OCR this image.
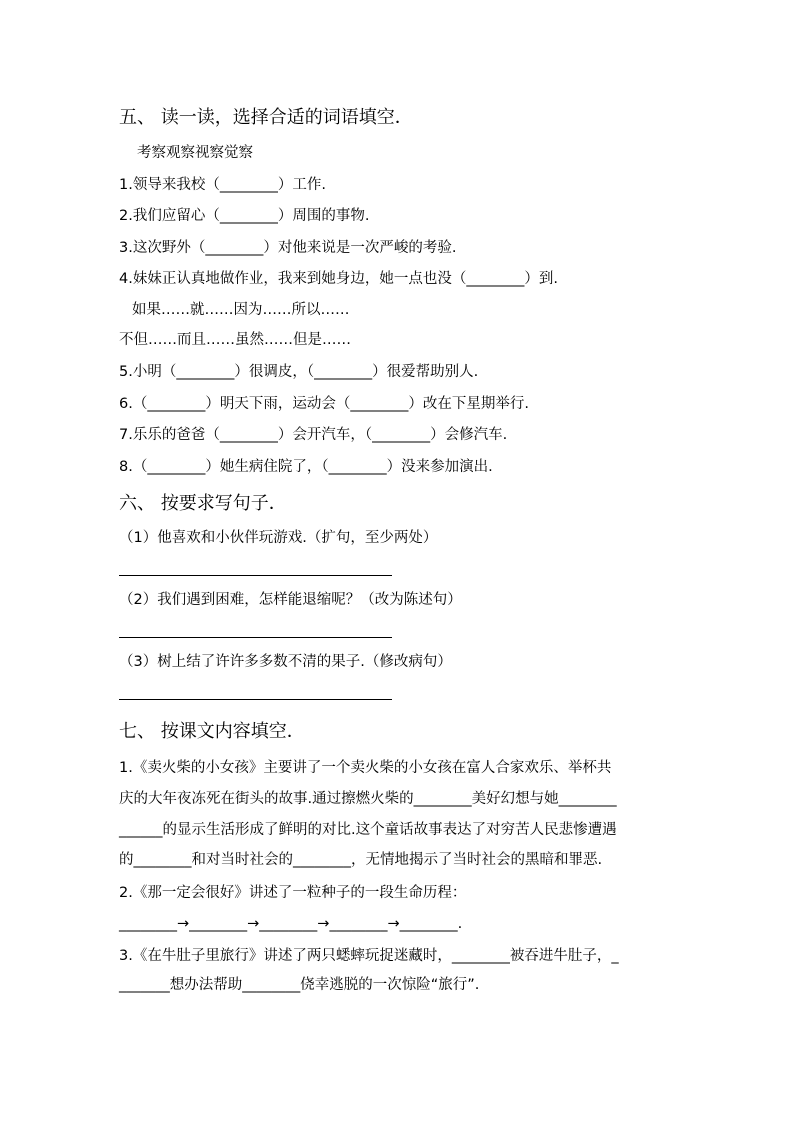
五、 读一读，选择合适的词语填空．
考察观察视察觉察
1.领导来我校（________）工作.
2.我们应留心（________）周围的事物.
3.这次野外（________）对他来说是一次严峻的考验.
4.妹妹正认真地做作业，我来到她身边，她一点也没（________）到.
如果……就……因为……所以……
不但……而且……虽然……但是……
5.小明（________）很调皮，（________）很爱帮助别人.
6.（________）明天下雨，运动会（________）改在下星期举行.
7.乐乐的爸爸（________）会开汽车，（________）会修汽车.
8.（________）她生病住院了，（________）没来参加演出.
六、 按要求写句子．
（1）他喜欢和小伙伴玩游戏.（扩句，至少两处）
（2）我们遇到困难，怎样能退缩呢？（改为陈述句）
（3）树上结了许许多多数不清的果子.（修改病句）
七、 按课文内容填空．
1.《卖火柴的小女孩》主要讲了一个卖火柴的小女孩在富人合家欢乐、举杯共
庆的大年夜冻死在街头的故事.通过擦燃火柴的________美好幻想与她________
______的显示生活形成了鲜明的对比.这个童话故事表达了对穷苦人民悲惨遭遇
的________和对当时社会的________，无情地揭示了当时社会的黑暗和罪恶.
2.《那一定会很好》讲述了一粒种子的一段生命历程：
________→________→________→________→________.
3.《在牛肚子里旅行》讲述了两只蟋蟀玩捉迷藏时，________被吞进牛肚子，_
_______想办法帮助________侥幸逃脱的一次惊险“旅行”.
